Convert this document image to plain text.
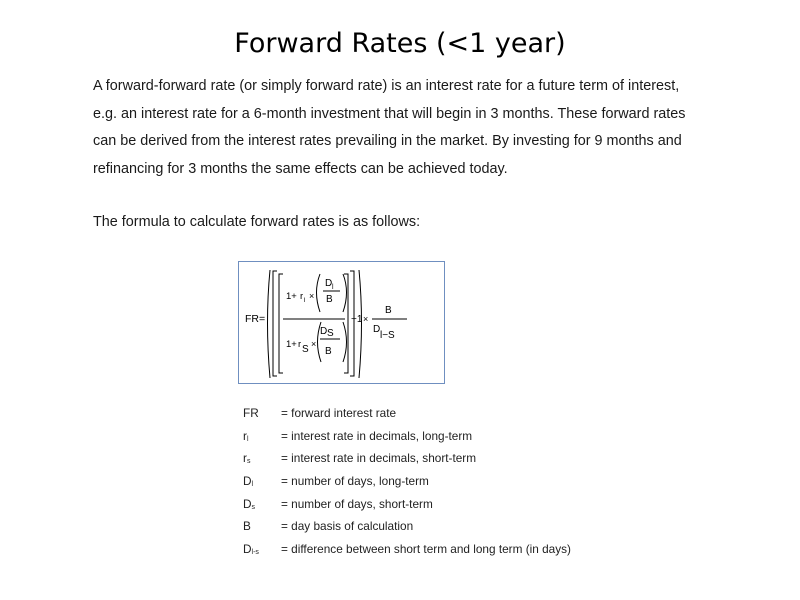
Forward Rates (<1 year)
A forward-forward rate (or simply forward rate) is an interest rate for a future term of interest,
e.g. an interest rate for a 6-month investment that will begin in 3 months. These forward rates
can be derived from the interest rates prevailing in the market. By investing for 9 months and
refinancing for 3 months the same effects can be achieved today.
The formula to calculate forward rates is as follows:
FR=
1+ r l ×
D l
B
1+ r S ×
D S
B
−1 ×
B
D
l−S
FR = forward interest rate
rl	= interest rate in decimals, long-term
rs	= interest rate in decimals, short-term
Dl = number of days, long-term
Ds = number of days, short-term
B	= day basis of calculation
Dl-s = difference between short term and long term (in days)
